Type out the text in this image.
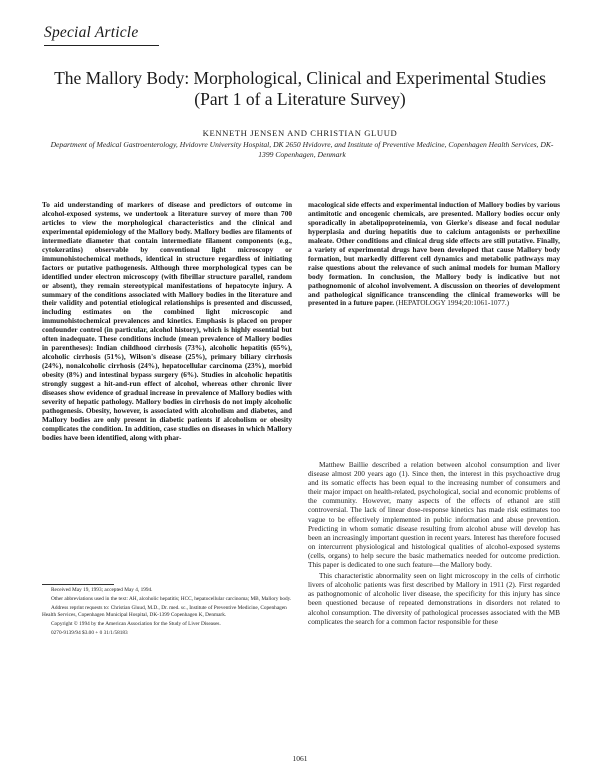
Special Article
The Mallory Body: Morphological, Clinical and Experimental Studies (Part 1 of a Literature Survey)
KENNETH JENSEN AND CHRISTIAN GLUUD
Department of Medical Gastroenterology, Hvidovre University Hospital, DK 2650 Hvidovre, and Institute of Preventive Medicine, Copenhagen Health Services, DK-1399 Copenhagen, Denmark
To aid understanding of markers of disease and predictors of outcome in alcohol-exposed systems, we undertook a literature survey of more than 700 articles to view the morphological characteristics and the clinical and experimental epidemiology of the Mallory body. Mallory bodies are filaments of intermediate diameter that contain intermediate filament components (e.g., cytokeratins) observable by conventional light microscopy or immunohistochemical methods, identical in structure regardless of initiating factors or putative pathogenesis. Although three morphological types can be identified under electron microscopy (with fibrillar structure parallel, random or absent), they remain stereotypical manifestations of hepatocyte injury. A summary of the conditions associated with Mallory bodies in the literature and their validity and potential etiological relationships is presented and discussed, including estimates on the combined light microscopic and immunohistochemical prevalences and kinetics. Emphasis is placed on proper confounder control (in particular, alcohol history), which is highly essential but often inadequate. These conditions include (mean prevalence of Mallory bodies in parentheses): Indian childhood cirrhosis (73%), alcoholic hepatitis (65%), alcoholic cirrhosis (51%), Wilson's disease (25%), primary biliary cirrhosis (24%), nonalcoholic cirrhosis (24%), hepatocellular carcinoma (23%), morbid obesity (8%) and intestinal bypass surgery (6%). Studies in alcoholic hepatitis strongly suggest a hit-and-run effect of alcohol, whereas other chronic liver diseases show evidence of gradual increase in prevalence of Mallory bodies with severity of hepatic pathology. Mallory bodies in cirrhosis do not imply alcoholic pathogenesis. Obesity, however, is associated with alcoholism and diabetes, and Mallory bodies are only present in diabetic patients if alcoholism or obesity complicates the condition. In addition, case studies on diseases in which Mallory bodies have been identified, along with phar-
macological side effects and experimental induction of Mallory bodies by various antimitotic and oncogenic chemicals, are presented. Mallory bodies occur only sporadically in abetalipoproteinemia, von Gierke's disease and focal nodular hyperplasia and during hepatitis due to calcium antagonists or perhexiline maleate. Other conditions and clinical drug side effects are still putative. Finally, a variety of experimental drugs have been developed that cause Mallory body formation, but markedly different cell dynamics and metabolic pathways may raise questions about the relevance of such animal models for human Mallory body formation. In conclusion, the Mallory body is indicative but not pathognomonic of alcohol involvement. A discussion on theories of development and pathological significance transcending the clinical frameworks will be presented in a future paper. (HEPATOLOGY 1994;20:1061-1077.)

Matthew Baillie described a relation between alcohol consumption and liver disease almost 200 years ago (1). Since then, the interest in this psychoactive drug and its somatic effects has been equal to the increasing number of consumers and their major impact on health-related, psychological, social and economic problems of the community. However, many aspects of the effects of ethanol are still controversial. The lack of linear dose-response kinetics has made risk estimates too vague to be effectively implemented in public information and abuse prevention. Predicting in whom somatic disease resulting from alcohol abuse will develop has been an increasingly important question in recent years. Interest has therefore focused on intercurrent physiological and histological qualities of alcohol-exposed systems (cells, organs) to help secure the basic mathematics needed for outcome prediction. This paper is dedicated to one such feature—the Mallory body.

This characteristic abnormality seen on light microscopy in the cells of cirrhotic livers of alcoholic patients was first described by Mallory in 1911 (2). First regarded as pathognomonic of alcoholic liver disease, the specificity for this injury has since been questioned because of repeated demonstrations in disorders not related to alcohol consumption. The diversity of pathological processes associated with the MB complicates the search for a common factor responsible for these

Received May 19, 1993; accepted May 4, 1994.

Other abbreviations used in the text: AH, alcoholic hepatitis; HCC, hepatocellular carcinoma; MB, Mallory body.

Address reprint requests to: Christian Gluud, M.D., Dr. med. sc., Institute of Preventive Medicine, Copenhagen Health Services, Copenhagen Municipal Hospital, DK-1399 Copenhagen K, Denmark.

Copyright © 1994 by the American Association for the Study of Liver Diseases.

0270-9139/94 $3.00 + 0 31/1/58183

1061
